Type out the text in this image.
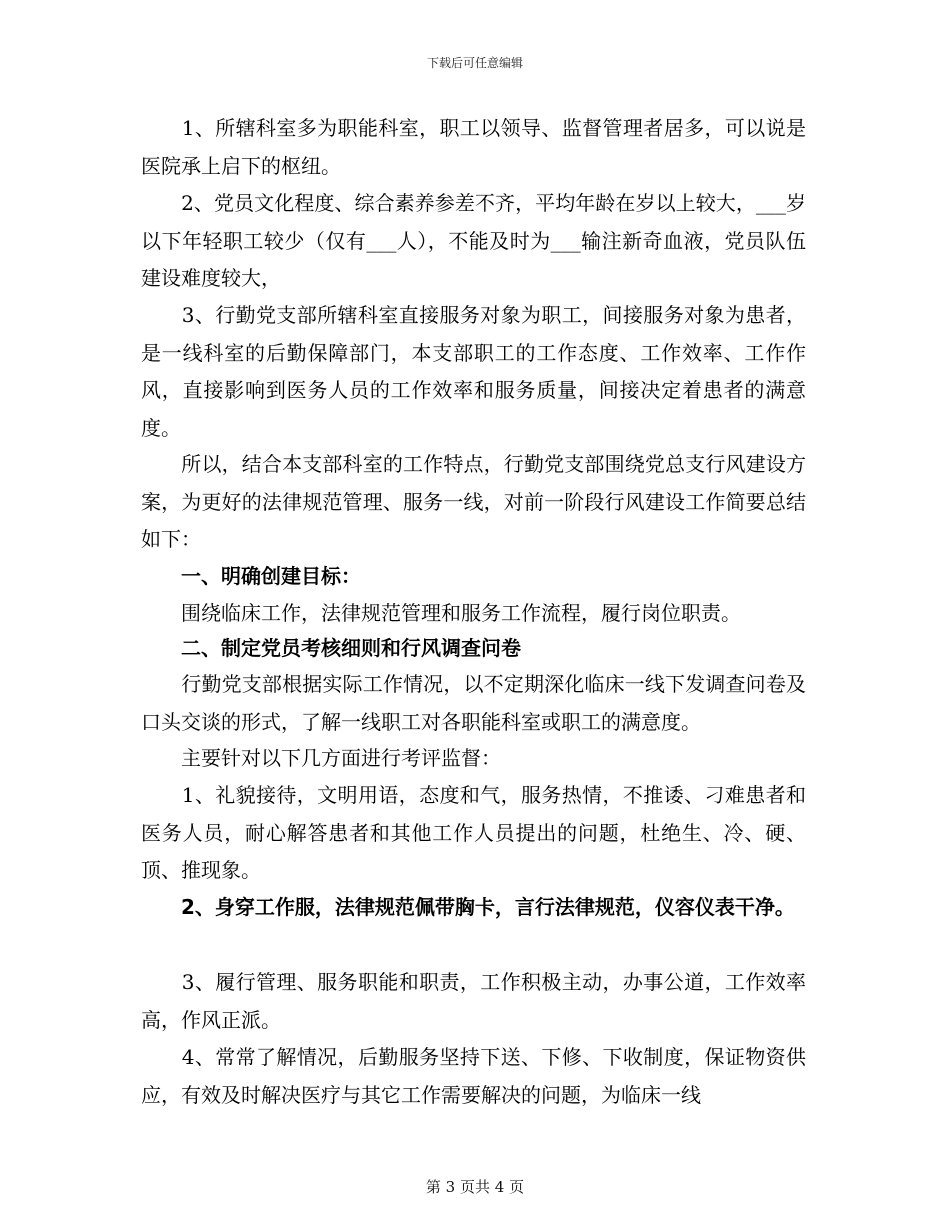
下载后可任意编辑
　　1、所辖科室多为职能科室，职工以领导、监督管理者居多，可以说是医院承上启下的枢纽。
　　2、党员文化程度、综合素养参差不齐，平均年龄在岁以上较大，___岁以下年轻职工较少（仅有___人），不能及时为___输注新奇血液，党员队伍建设难度较大，
　　3、行勤党支部所辖科室直接服务对象为职工，间接服务对象为患者，是一线科室的后勤保障部门，本支部职工的工作态度、工作效率、工作作风，直接影响到医务人员的工作效率和服务质量，间接决定着患者的满意度。
　　所以，结合本支部科室的工作特点，行勤党支部围绕党总支行风建设方案，为更好的法律规范管理、服务一线，对前一阶段行风建设工作简要总结如下：
　　一、明确创建目标：
　　围绕临床工作，法律规范管理和服务工作流程，履行岗位职责。
　　二、制定党员考核细则和行风调查问卷
　　行勤党支部根据实际工作情况，以不定期深化临床一线下发调查问卷及口头交谈的形式，了解一线职工对各职能科室或职工的满意度。
　　主要针对以下几方面进行考评监督：
　　1、礼貌接待，文明用语，态度和气，服务热情，不推诿、刁难患者和医务人员，耐心解答患者和其他工作人员提出的问题，杜绝生、冷、硬、顶、推现象。
　　2、身穿工作服，法律规范佩带胸卡，言行法律规范，仪容仪表干净。
　　3、履行管理、服务职能和职责，工作积极主动，办事公道，工作效率高，作风正派。
　　4、常常了解情况，后勤服务坚持下送、下修、下收制度，保证物资供应，有效及时解决医疗与其它工作需要解决的问题，为临床一线
第 3 页共 4 页
